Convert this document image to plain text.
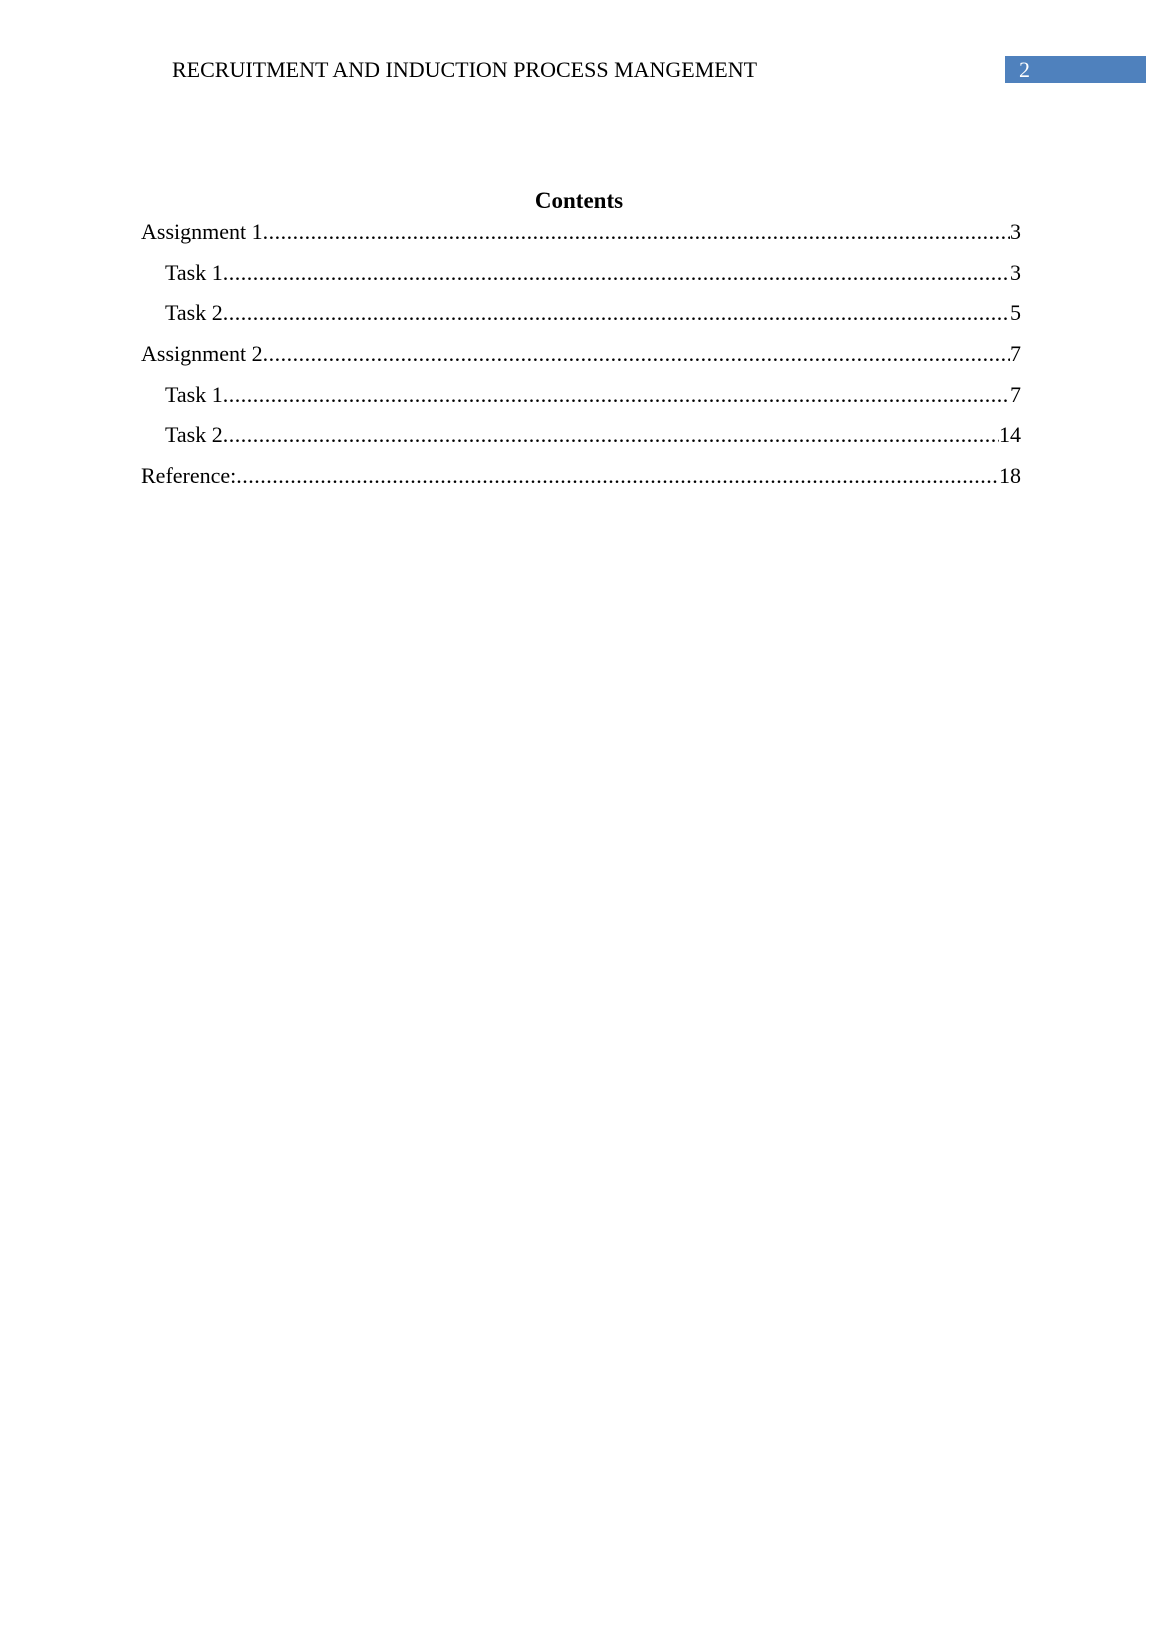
RECRUITMENT AND INDUCTION PROCESS MANGEMENT	2
Contents
Assignment 1 .....	3
Task 1 .....	3
Task 2 .....	5
Assignment 2 .....	7
Task 1 .....	7
Task 2 .....	14
Reference: .....	18
